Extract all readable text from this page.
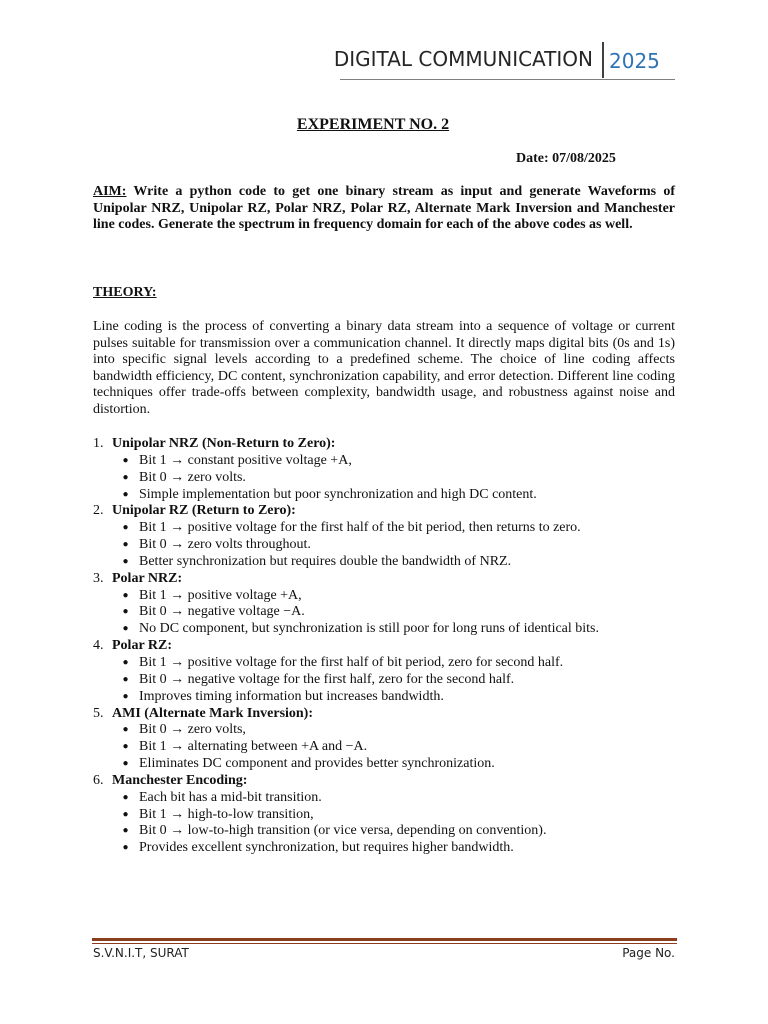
DIGITAL COMMUNICATION 2025
EXPERIMENT NO. 2
Date: 07/08/2025

AIM: Write a python code to get one binary stream as input and generate Waveforms of Unipolar NRZ, Unipolar RZ, Polar NRZ, Polar RZ, Alternate Mark Inversion and Manchester line codes. Generate the spectrum in frequency domain for each of the above codes as well.

THEORY:

Line coding is the process of converting a binary data stream into a sequence of voltage or current pulses suitable for transmission over a communication channel. It directly maps digital bits (0s and 1s) into specific signal levels according to a predefined scheme. The choice of line coding affects bandwidth efficiency, DC content, synchronization capability, and error detection. Different line coding techniques offer trade-offs between complexity, bandwidth usage, and robustness against noise and distortion.

1. Unipolar NRZ (Non-Return to Zero):
● Bit 1 → constant positive voltage +A,
● Bit 0 → zero volts.
● Simple implementation but poor synchronization and high DC content.
2. Unipolar RZ (Return to Zero):
● Bit 1 → positive voltage for the first half of the bit period, then returns to zero.
● Bit 0 → zero volts throughout.
● Better synchronization but requires double the bandwidth of NRZ.
3. Polar NRZ:
● Bit 1 → positive voltage +A,
● Bit 0 → negative voltage −A.
● No DC component, but synchronization is still poor for long runs of identical bits.
4. Polar RZ:
● Bit 1 → positive voltage for the first half of bit period, zero for second half.
● Bit 0 → negative voltage for the first half, zero for the second half.
● Improves timing information but increases bandwidth.
5. AMI (Alternate Mark Inversion):
● Bit 0 → zero volts,
● Bit 1 → alternating between +A and −A.
● Eliminates DC component and provides better synchronization.
6. Manchester Encoding:
● Each bit has a mid-bit transition.
● Bit 1 → high-to-low transition,
● Bit 0 → low-to-high transition (or vice versa, depending on convention).
● Provides excellent synchronization, but requires higher bandwidth.
S.V.N.I.T, SURAT	Page No.
